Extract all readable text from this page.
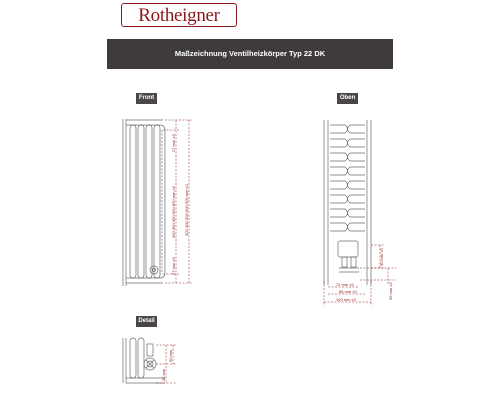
Rotheigner
Maßzeichnung Ventilheizkörper Typ 22 DK
Front	Oben
Detail
27 mm ±3
250·350·450·550·850 mm ±2 300·400·500·600·900 mm ±2
27 mm ±3
30 mm ±3
55 mm ±2
72 mm ±2
88 mm ±2
100 mm ±2
50 mm
35 mm
